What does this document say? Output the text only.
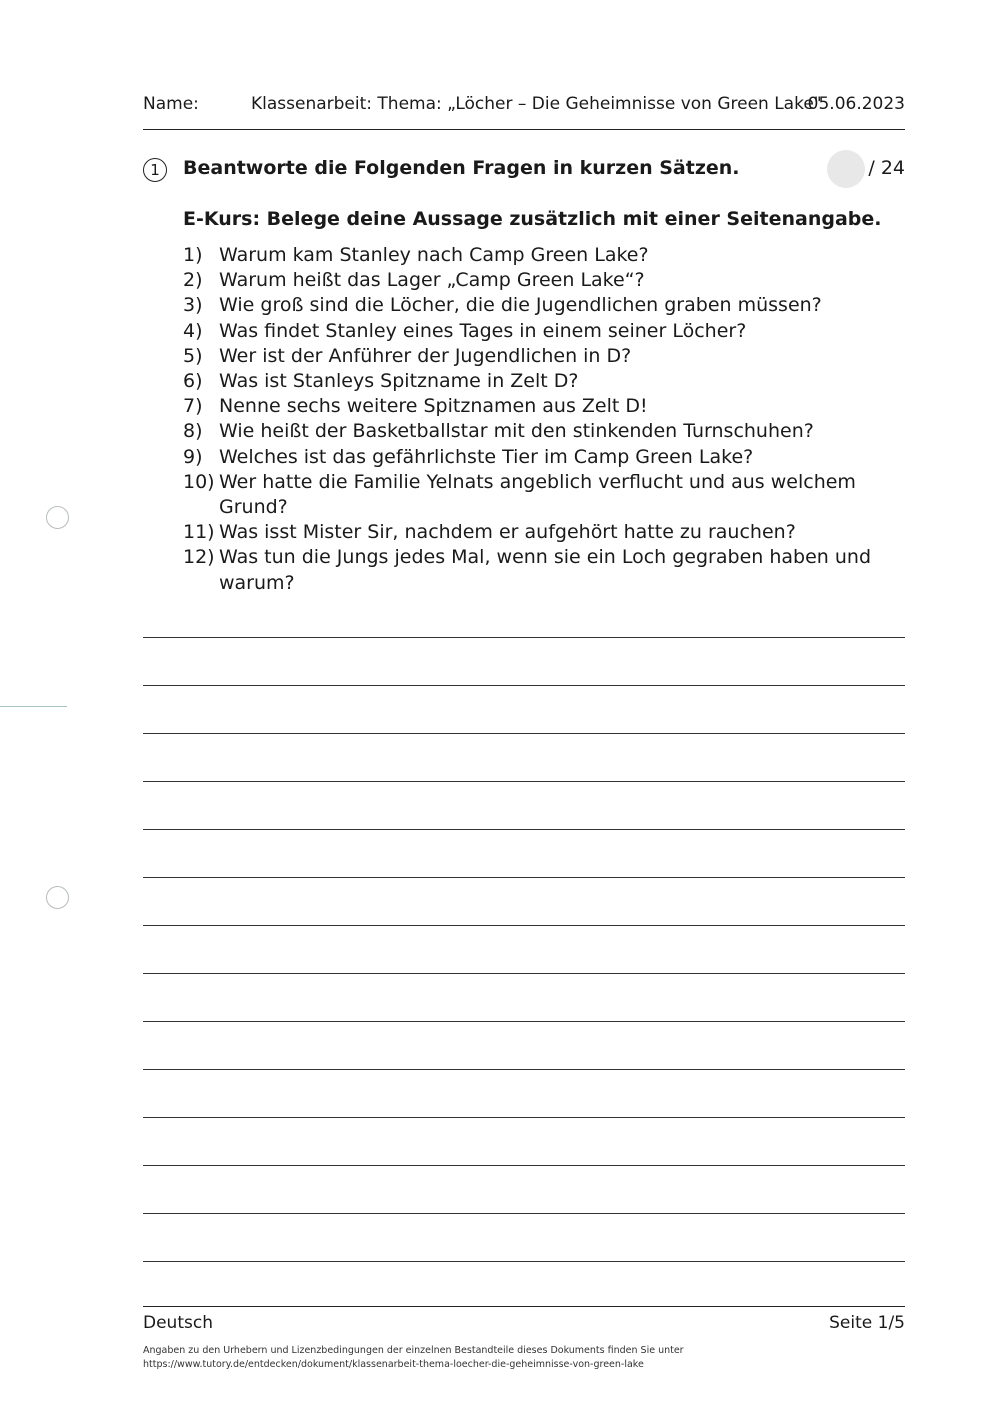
Name:	Klassenarbeit: Thema: „Löcher – Die Geheimnisse von Green Lake"
05.06.2023
1	Beantworte die Folgenden Fragen in kurzen Sätzen.	/ 24
E-Kurs: Belege deine Aussage zusätzlich mit einer Seitenangabe.
1) Warum kam Stanley nach Camp Green Lake?
2) Warum heißt das Lager „Camp Green Lake“?
3) Wie groß sind die Löcher, die die Jugendlichen graben müssen?
4) Was findet Stanley eines Tages in einem seiner Löcher?
5) Wer ist der Anführer der Jugendlichen in D?
6) Was ist Stanleys Spitzname in Zelt D?
7) Nenne sechs weitere Spitznamen aus Zelt D!
8) Wie heißt der Basketballstar mit den stinkenden Turnschuhen?
9) Welches ist das gefährlichste Tier im Camp Green Lake?
10) Wer hatte die Familie Yelnats angeblich verflucht und aus welchem Grund?
11) Was isst Mister Sir, nachdem er aufgehört hatte zu rauchen?
12) Was tun die Jungs jedes Mal, wenn sie ein Loch gegraben haben und warum?
Deutsch	Seite 1/5
Angaben zu den Urhebern und Lizenzbedingungen der einzelnen Bestandteile dieses Dokuments finden Sie unter
https://www.tutory.de/entdecken/dokument/klassenarbeit-thema-loecher-die-geheimnisse-von-green-lake
